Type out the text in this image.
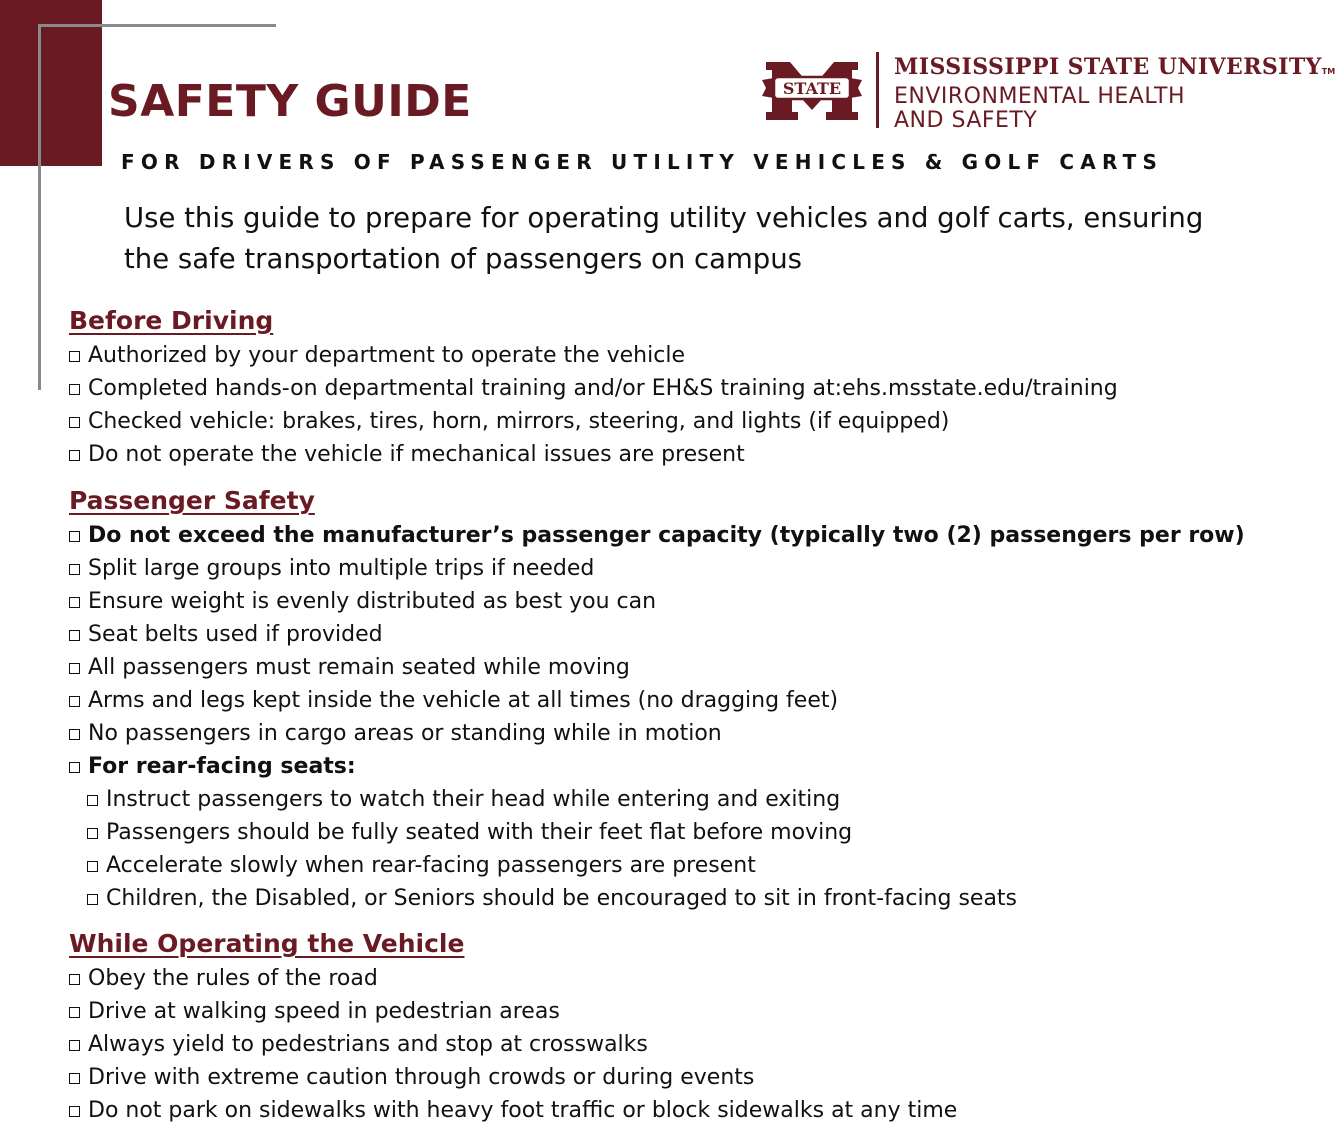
SAFETY GUIDE	STATE
MISSISSIPPI STATE UNIVERSITYTM
ENVIRONMENTAL HEALTH
AND SAFETY
FOR DRIVERS OF PASSENGER UTILITY VEHICLES & GOLF CARTS

Use this guide to prepare for operating utility vehicles and golf carts, ensuring the safe transportation of passengers on campus

Before Driving
Authorized by your department to operate the vehicle
Completed hands-on departmental training and/or EH&S training at:ehs.msstate.edu/training
Checked vehicle: brakes, tires, horn, mirrors, steering, and lights (if equipped)
Do not operate the vehicle if mechanical issues are present
Passenger Safety
Do not exceed the manufacturer’s passenger capacity (typically two (2) passengers per row)
Split large groups into multiple trips if needed
Ensure weight is evenly distributed as best you can
Seat belts used if provided
All passengers must remain seated while moving
Arms and legs kept inside the vehicle at all times (no dragging feet)
No passengers in cargo areas or standing while in motion
For rear-facing seats:
Instruct passengers to watch their head while entering and exiting
Passengers should be fully seated with their feet flat before moving
Accelerate slowly when rear-facing passengers are present
Children, the Disabled, or Seniors should be encouraged to sit in front-facing seats
While Operating the Vehicle
Obey the rules of the road
Drive at walking speed in pedestrian areas
Always yield to pedestrians and stop at crosswalks
Drive with extreme caution through crowds or during events
Do not park on sidewalks with heavy foot traffic or block sidewalks at any time
